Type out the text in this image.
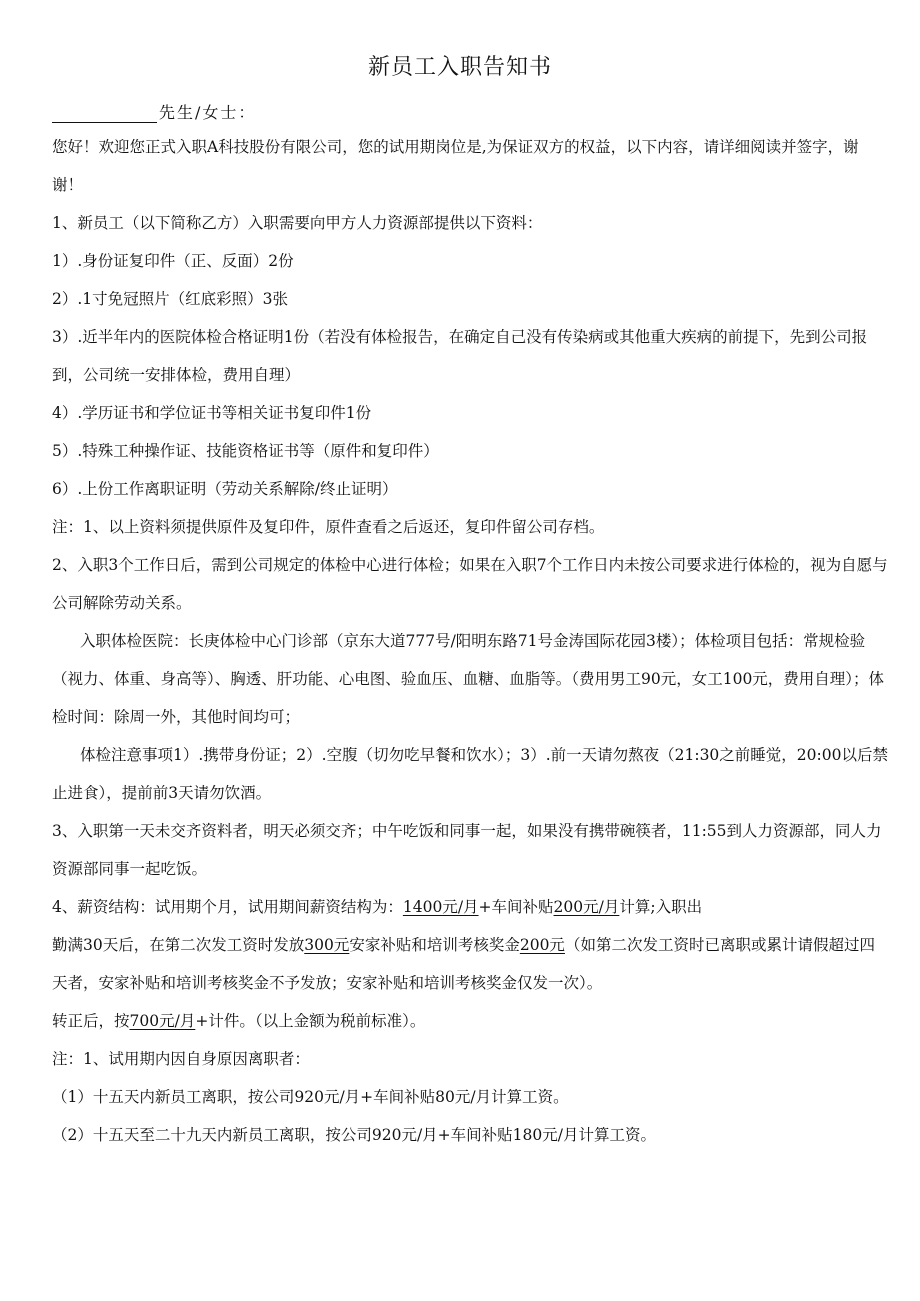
新员工入职告知书
先生/女士：

您好！欢迎您正式入职A科技股份有限公司，您的试用期岗位是,为保证双方的权益，以下内容，请详细阅读并签字，谢谢！

1、新员工（以下简称乙方）入职需要向甲方人力资源部提供以下资料：

1）.身份证复印件（正、反面）2份

2）.1寸免冠照片（红底彩照）3张

3）.近半年内的医院体检合格证明1份（若没有体检报告，在确定自己没有传染病或其他重大疾病的前提下，先到公司报到，公司统一安排体检，费用自理）

4）.学历证书和学位证书等相关证书复印件1份

5）.特殊工种操作证、技能资格证书等（原件和复印件）

6）.上份工作离职证明（劳动关系解除/终止证明）

注：1、以上资料须提供原件及复印件，原件查看之后返还，复印件留公司存档。

2、入职3个工作日后，需到公司规定的体检中心进行体检；如果在入职7个工作日内未按公司要求进行体检的，视为自愿与公司解除劳动关系。

入职体检医院：长庚体检中心门诊部（京东大道777号/阳明东路71号金涛国际花园3楼）；体检项目包括：常规检验（视力、体重、身高等）、胸透、肝功能、心电图、验血压、血糖、血脂等。（费用男工90元，女工100元，费用自理）；体检时间：除周一外，其他时间均可；

体检注意事项1）.携带身份证；2）.空腹（切勿吃早餐和饮水）；3）.前一天请勿熬夜（21:30之前睡觉，20:00以后禁止进食），提前前3天请勿饮酒。

3、入职第一天未交齐资料者，明天必须交齐；中午吃饭和同事一起，如果没有携带碗筷者，11:55到人力资源部，同人力资源部同事一起吃饭。

4、薪资结构：试用期个月，试用期间薪资结构为：1400元/月+车间补贴200元/月计算;入职出

勤满30天后，在第二次发工资时发放300元安家补贴和培训考核奖金200元（如第二次发工资时已离职或累计请假超过四天者，安家补贴和培训考核奖金不予发放；安家补贴和培训考核奖金仅发一次）。

转正后，按700元/月+计件。（以上金额为税前标准）。

注：1、试用期内因自身原因离职者：

（1）十五天内新员工离职，按公司920元/月+车间补贴80元/月计算工资。

（2）十五天至二十九天内新员工离职，按公司920元/月+车间补贴180元/月计算工资。
